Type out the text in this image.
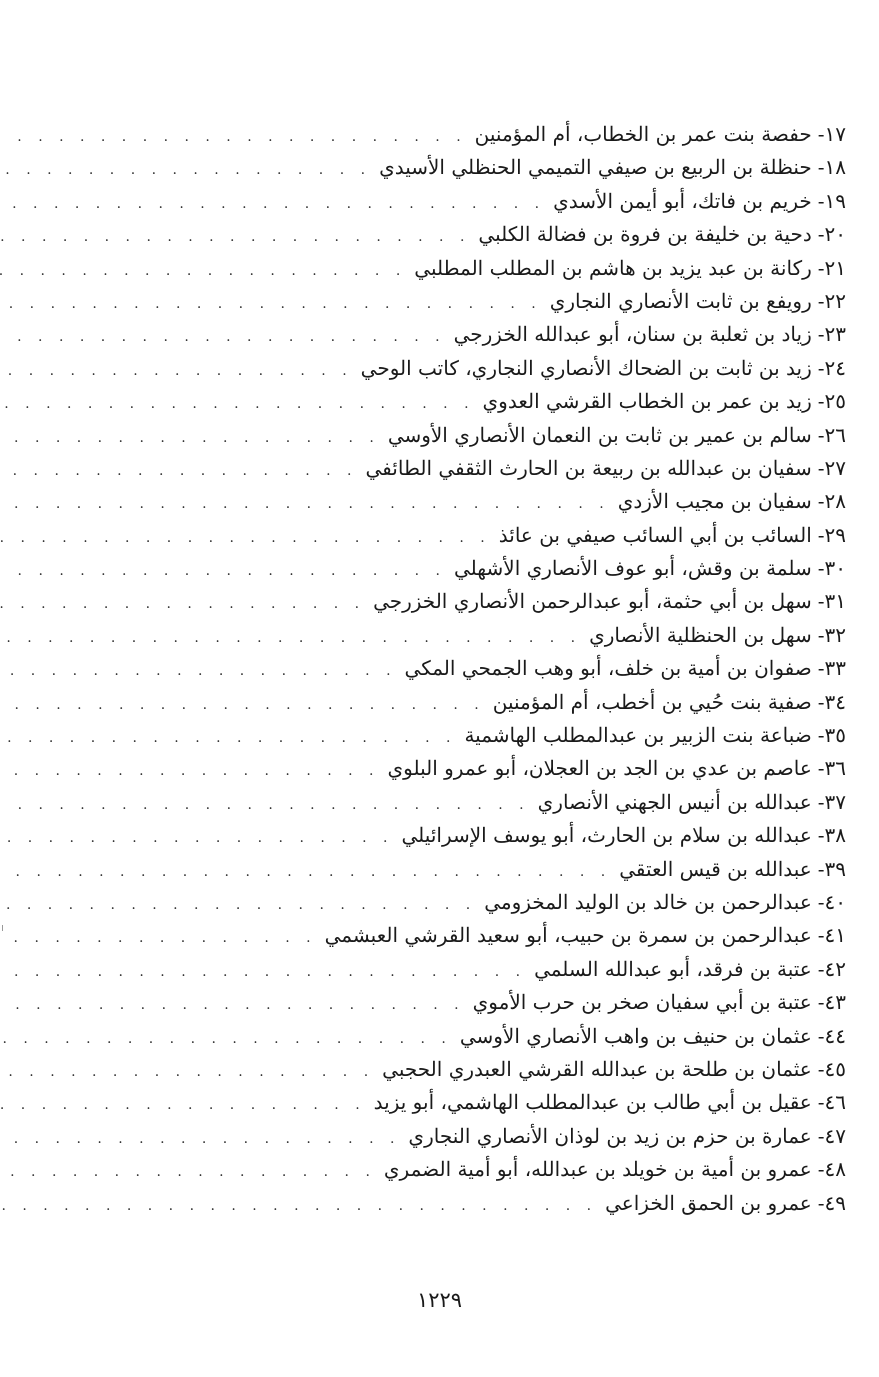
١٧-
حفصة بنت عمر بن الخطاب، أم المؤمنين
. . .
١٨-
حنظلة بن الربيع بن صيفي التميمي الحنظلي الأسيدي
. . .
١٩-
خريم بن فاتك، أبو أيمن الأسدي
. . .
٢٠-
دحية بن خليفة بن فروة بن فضالة الكلبي
. . .
٢١-
ركانة بن عبد يزيد بن هاشم بن المطلب المطلبي
. . .
٢٢-
رويفع بن ثابت الأنصاري النجاري
. . .
٢٣-
زياد بن ثعلبة بن سنان، أبو عبدالله الخزرجي
. . .
٢٤-
زيد بن ثابت بن الضحاك الأنصاري النجاري، كاتب الوحي
. . .
٢٥-
زيد بن عمر بن الخطاب القرشي العدوي
. . .
٢٦-
سالم بن عمير بن ثابت بن النعمان الأنصاري الأوسي
. . .
٢٧-
سفيان بن عبدالله بن ربيعة بن الحارث الثقفي الطائفي
. . .
٢٨-
سفيان بن مجيب الأزدي
. . .
٢٩-
السائب بن أبي السائب صيفي بن عائذ
. . .
٣٠-
سلمة بن وقش، أبو عوف الأنصاري الأشهلي
. . .
٣١-
سهل بن أبي حثمة، أبو عبدالرحمن الأنصاري الخزرجي
. . .
٣٢-
سهل بن الحنظلية الأنصاري
. . .
٣٣-
صفوان بن أمية بن خلف، أبو وهب الجمحي المكي
. . .
٣٤-
صفية بنت حُيي بن أخطب، أم المؤمنين
. . .
٣٥-
ضباعة بنت الزبير بن عبدالمطلب الهاشمية
. . .
٣٦-
عاصم بن عدي بن الجد بن العجلان، أبو عمرو البلوي
. . .
٣٧-
عبدالله بن أنيس الجهني الأنصاري
. . .
٣٨-
عبدالله بن سلام بن الحارث، أبو يوسف الإسرائيلي
. . .
٣٩-
عبدالله بن قيس العتقي
. . .
٤٠-
عبدالرحمن بن خالد بن الوليد المخزومي
. . .
٤١-
عبدالرحمن بن سمرة بن حبيب، أبو سعيد القرشي العبشمي
. . .
٤٢-
عتبة بن فرقد، أبو عبدالله السلمي
. . .
٤٣-
عتبة بن أبي سفيان صخر بن حرب الأموي
. . .
٤٤-
عثمان بن حنيف بن واهب الأنصاري الأوسي
. . .
٤٥-
عثمان بن طلحة بن عبدالله القرشي العبدري الحجبي
. . .
٤٦-
عقيل بن أبي طالب بن عبدالمطلب الهاشمي، أبو يزيد
. . .
٤٧-
عمارة بن حزم بن زيد بن لوذان الأنصاري النجاري
. . .
٤٨-
عمرو بن أمية بن خويلد بن عبدالله، أبو أمية الضمري
. . .
٤٩-
عمرو بن الحمق الخزاعي
. . .
١٢٢٩
